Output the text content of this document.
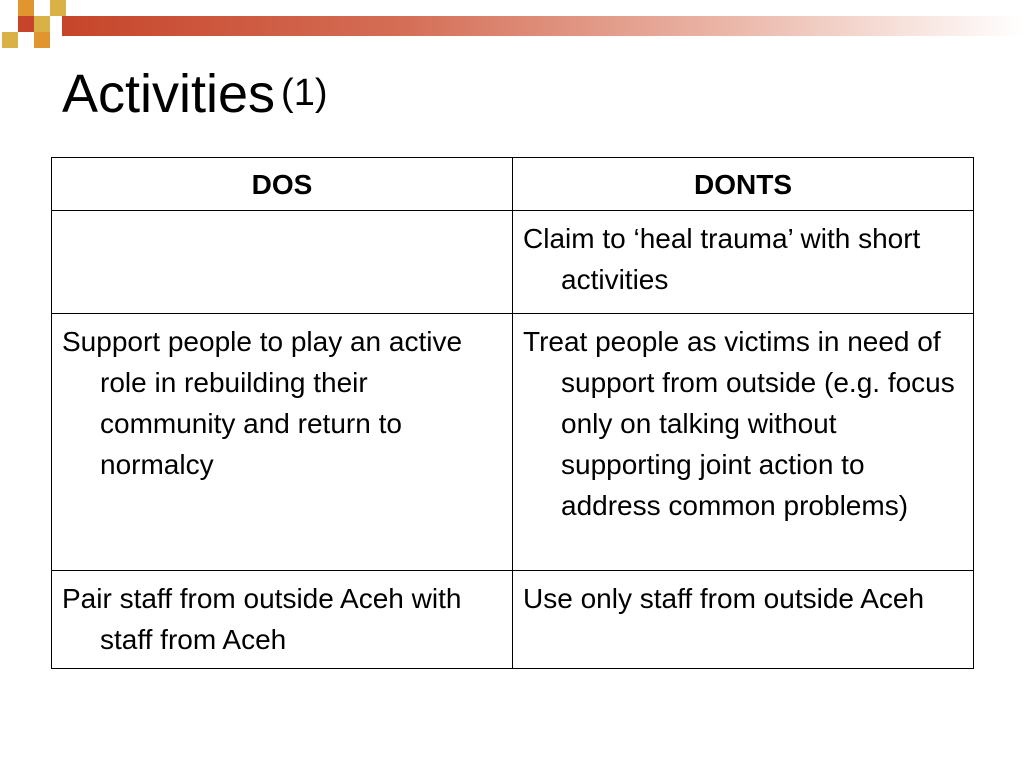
Activities (1)
DOS	DONTS

	Claim to ‘heal trauma’ with short activities

Support people to play an active role in rebuilding their community and return to normalcy	Treat people as victims in need of support from outside (e.g. focus only on talking without supporting joint action to address common problems)

Pair staff from outside Aceh with staff from Aceh	Use only staff from outside Aceh
